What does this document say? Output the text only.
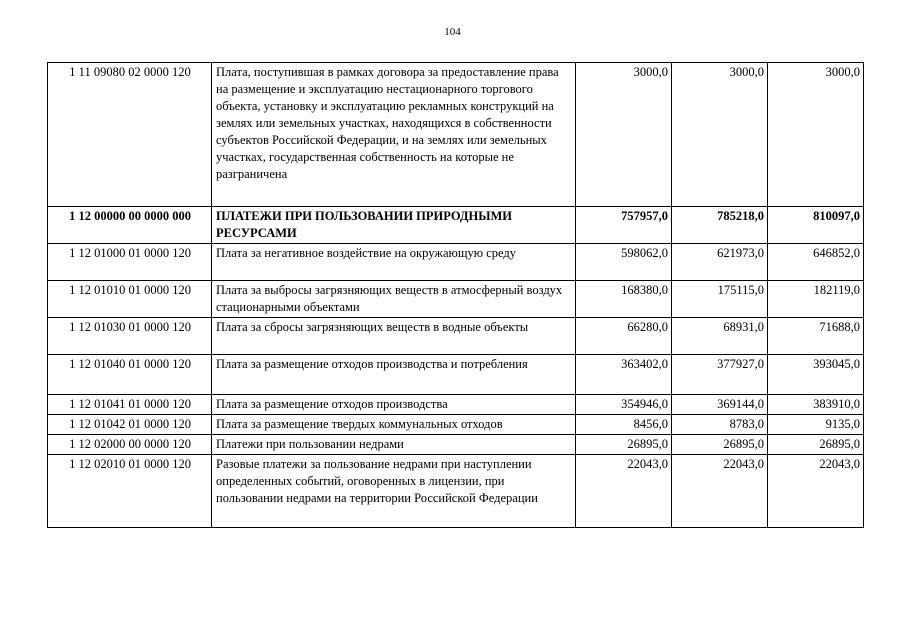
104
1 11 09080 02 0000 120	Плата, поступившая в рамках договора за предоставление права на размещение и эксплуатацию нестационарного торгового объекта, установку и эксплуатацию рекламных конструкций на землях или земельных участках, находящихся в собственности субъектов Российской Федерации, и на землях или земельных участках, государственная собственность на которые не разграничена	3000,0	3000,0	3000,0
1 12 00000 00 0000 000	ПЛАТЕЖИ ПРИ ПОЛЬЗОВАНИИ ПРИРОДНЫМИ РЕСУРСАМИ	757957,0	785218,0	810097,0
1 12 01000 01 0000 120	Плата за негативное воздействие на окружающую среду	598062,0	621973,0	646852,0
1 12 01010 01 0000 120	Плата за выбросы загрязняющих веществ в атмосферный воздух стационарными объектами	168380,0	175115,0	182119,0
1 12 01030 01 0000 120	Плата за сбросы загрязняющих веществ в водные объекты	66280,0	68931,0	71688,0
1 12 01040 01 0000 120	Плата за размещение отходов производства и потребления	363402,0	377927,0	393045,0
1 12 01041 01 0000 120	Плата за размещение отходов производства	354946,0	369144,0	383910,0
1 12 01042 01 0000 120	Плата за размещение твердых коммунальных отходов	8456,0	8783,0	9135,0
1 12 02000 00 0000 120	Платежи при пользовании недрами	26895,0	26895,0	26895,0
1 12 02010 01 0000 120	Разовые платежи за пользование недрами при наступлении определенных событий, оговоренных в лицензии, при пользовании недрами на территории Российской Федерации	22043,0	22043,0	22043,0
